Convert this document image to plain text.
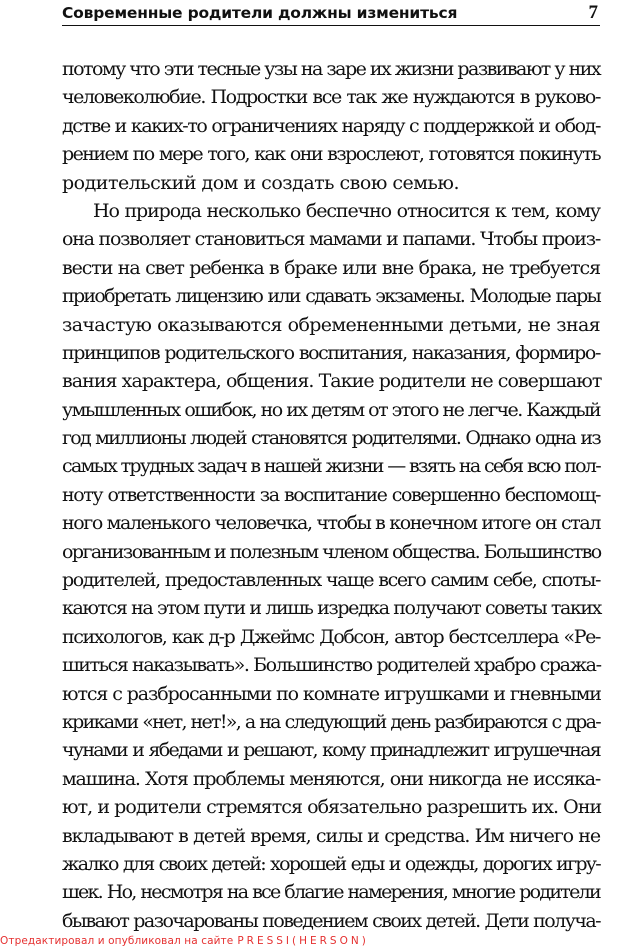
Современные родители должны измениться	7
потому что эти тесные узы на заре их жизни развивают у них
человеколюбие. Подростки все так же нуждаются в руково-
дстве и каких-то ограничениях наряду с поддержкой и обод-
рением по мере того, как они взрослеют, готовятся покинуть
родительский дом и создать свою семью.
Но природа несколько беспечно относится к тем, кому
она позволяет становиться мамами и папами. Чтобы произ-
вести на свет ребенка в браке или вне брака, не требуется
приобретать лицензию или сдавать экзамены. Молодые пары
зачастую оказываются обремененными детьми, не зная
принципов родительского воспитания, наказания, формиро-
вания характера, общения. Такие родители не совершают
умышленных ошибок, но их детям от этого не легче. Каждый
год миллионы людей становятся родителями. Однако одна из
самых трудных задач в нашей жизни — взять на себя всю пол-
ноту ответственности за воспитание совершенно беспомощ-
ного маленького человечка, чтобы в конечном итоге он стал
организованным и полезным членом общества. Большинство
родителей, предоставленных чаще всего самим себе, споты-
каются на этом пути и лишь изредка получают советы таких
психологов, как д-р Джеймс Добсон, автор бестселлера «Ре-
шиться наказывать». Большинство родителей храбро сража-
ются с разбросанными по комнате игрушками и гневными
криками «нет, нет!», а на следующий день разбираются с дра-
чунами и ябедами и решают, кому принадлежит игрушечная
машина. Хотя проблемы меняются, они никогда не иссяка-
ют, и родители стремятся обязательно разрешить их. Они
вкладывают в детей время, силы и средства. Им ничего не
жалко для своих детей: хорошей еды и одежды, дорогих игру-
шек. Но, несмотря на все благие намерения, многие родители
бывают разочарованы поведением своих детей. Дети получа-
Отредактировал и опубликовал на сайте PRESSI(HERSON)
